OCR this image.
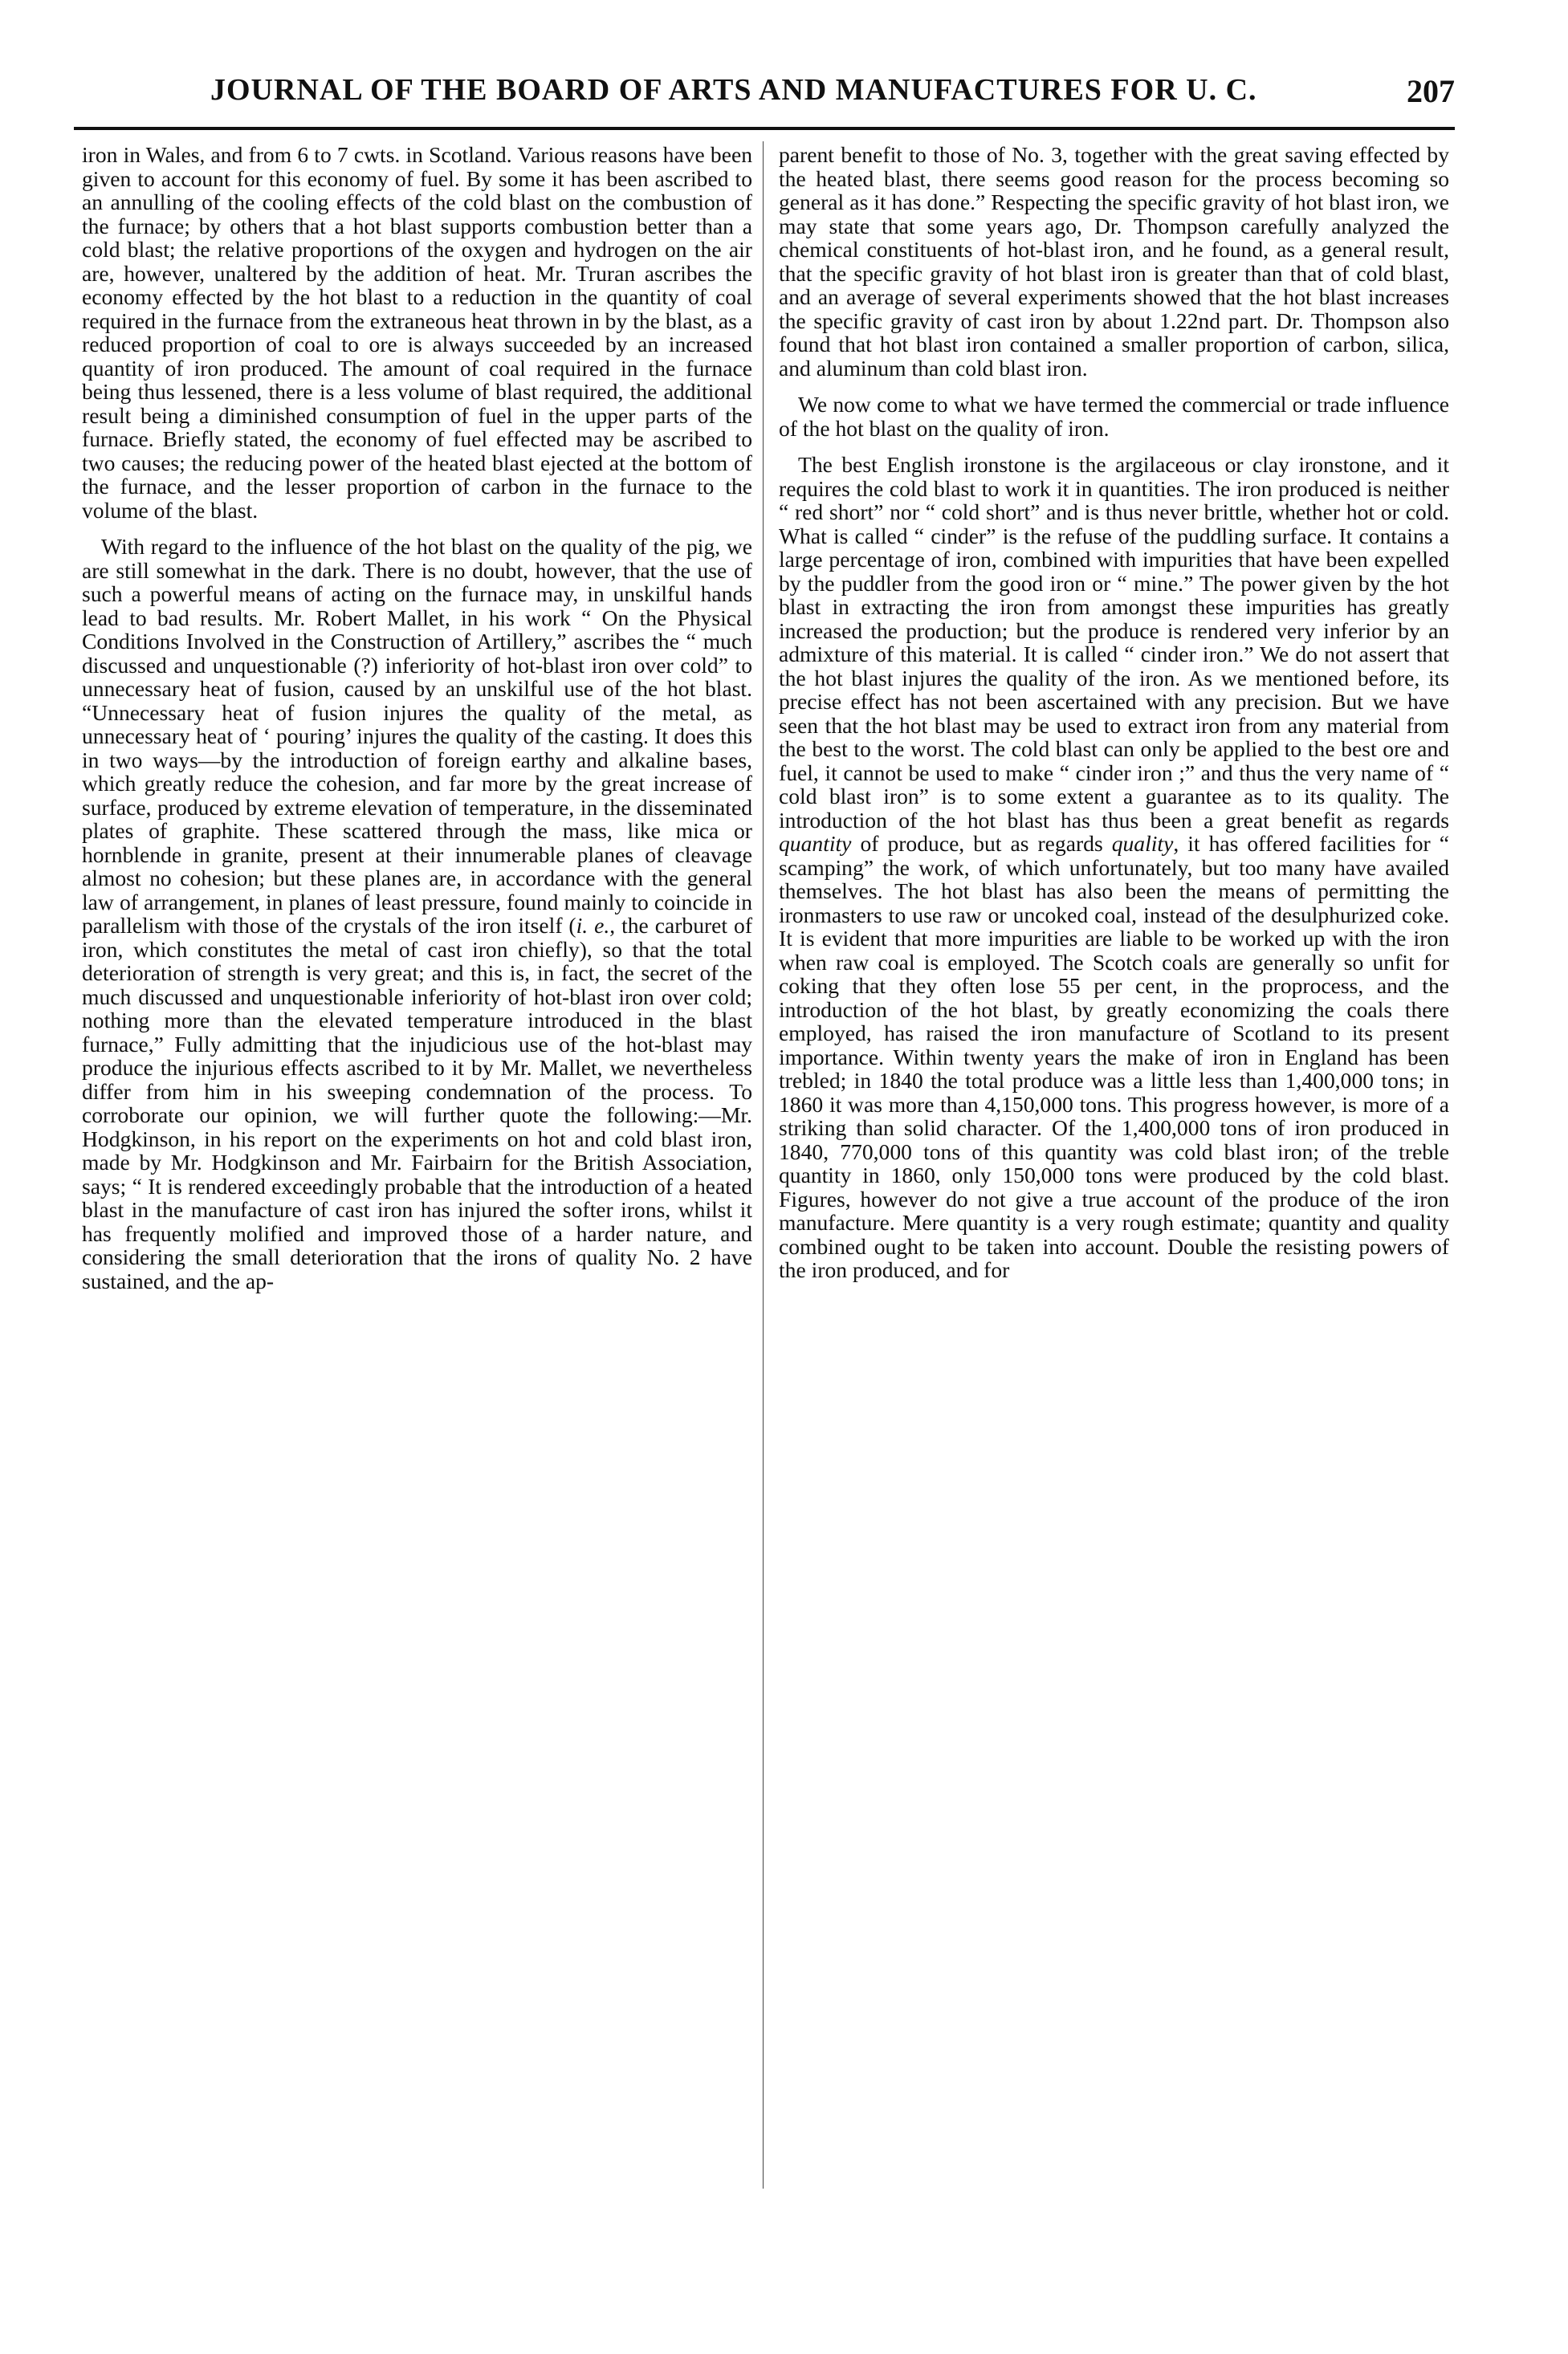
JOURNAL OF THE BOARD OF ARTS AND MANUFACTURES FOR U. C.	207

iron in Wales, and from 6 to 7 cwts. in Scotland. Various reasons have been given to account for this economy of fuel. By some it has been ascribed to an annulling of the cooling effects of the cold blast on the combustion of the furnace; by others that a hot blast supports combustion better than a cold blast; the relative proportions of the oxygen and hydrogen on the air are, however, unaltered by the addition of heat. Mr. Truran ascribes the economy effected by the hot blast to a reduction in the quantity of coal required in the furnace from the extraneous heat thrown in by the blast, as a reduced proportion of coal to ore is always succeeded by an increased quantity of iron produced. The amount of coal required in the furnace being thus lessened, there is a less volume of blast required, the additional result being a diminished consumption of fuel in the upper parts of the furnace. Briefly stated, the economy of fuel effected may be ascribed to two causes; the reducing power of the heated blast ejected at the bottom of the furnace, and the lesser proportion of carbon in the furnace to the volume of the blast.

With regard to the influence of the hot blast on the quality of the pig, we are still somewhat in the dark. There is no doubt, however, that the use of such a powerful means of acting on the furnace may, in unskilful hands lead to bad results. Mr. Robert Mallet, in his work “ On the Physical Conditions Involved in the Construction of Artillery,” ascribes the “ much discussed and unquestionable (?) inferiority of hot-blast iron over cold” to unnecessary heat of fusion, caused by an unskilful use of the hot blast. “Unnecessary heat of fusion injures the quality of the metal, as unnecessary heat of ‘ pouring’ injures the quality of the casting. It does this in two ways—by the introduction of foreign earthy and alkaline bases, which greatly reduce the cohesion, and far more by the great increase of surface, produced by extreme elevation of temperature, in the disseminated plates of graphite. These scattered through the mass, like mica or hornblende in granite, present at their innumerable planes of cleavage almost no cohesion; but these planes are, in accordance with the general law of arrangement, in planes of least pressure, found mainly to coincide in parallelism with those of the crystals of the iron itself (i. e., the carburet of iron, which constitutes the metal of cast iron chiefly), so that the total deterioration of strength is very great; and this is, in fact, the secret of the much discussed and unquestionable inferiority of hot-blast iron over cold; nothing more than the elevated temperature introduced in the blast furnace,” Fully admitting that the injudicious use of the hot-blast may produce the injurious effects ascribed to it by Mr. Mallet, we nevertheless differ from him in his sweeping condemnation of the process. To corroborate our opinion, we will further quote the following:—Mr. Hodgkinson, in his report on the experiments on hot and cold blast iron, made by Mr. Hodgkinson and Mr. Fairbairn for the British Association, says; “ It is rendered exceedingly probable that the introduction of a heated blast in the manufacture of cast iron has injured the softer irons, whilst it has frequently molified and improved those of a harder nature, and considering the small deterioration that the irons of quality No. 2 have sustained, and the ap-

parent benefit to those of No. 3, together with the great saving effected by the heated blast, there seems good reason for the process becoming so general as it has done.” Respecting the specific gravity of hot blast iron, we may state that some years ago, Dr. Thompson carefully analyzed the chemical constituents of hot-blast iron, and he found, as a general result, that the specific gravity of hot blast iron is greater than that of cold blast, and an average of several experiments showed that the hot blast increases the specific gravity of cast iron by about 1.22nd part. Dr. Thompson also found that hot blast iron contained a smaller proportion of carbon, silica, and aluminum than cold blast iron.

We now come to what we have termed the commercial or trade influence of the hot blast on the quality of iron.

The best English ironstone is the argilaceous or clay ironstone, and it requires the cold blast to work it in quantities. The iron produced is neither “ red short” nor “ cold short” and is thus never brittle, whether hot or cold. What is called “ cinder” is the refuse of the puddling surface. It contains a large percentage of iron, combined with impurities that have been expelled by the puddler from the good iron or “ mine.” The power given by the hot blast in extracting the iron from amongst these impurities has greatly increased the production; but the produce is rendered very inferior by an admixture of this material. It is called “ cinder iron.” We do not assert that the hot blast injures the quality of the iron. As we mentioned before, its precise effect has not been ascertained with any precision. But we have seen that the hot blast may be used to extract iron from any material from the best to the worst. The cold blast can only be applied to the best ore and fuel, it cannot be used to make “ cinder iron ;” and thus the very name of “ cold blast iron” is to some extent a guarantee as to its quality. The introduction of the hot blast has thus been a great benefit as regards quantity of produce, but as regards quality, it has offered facilities for “ scamping” the work, of which unfortunately, but too many have availed themselves. The hot blast has also been the means of permitting the ironmasters to use raw or uncoked coal, instead of the desulphurized coke. It is evident that more impurities are liable to be worked up with the iron when raw coal is employed. The Scotch coals are generally so unfit for coking that they often lose 55 per cent, in the proprocess, and the introduction of the hot blast, by greatly economizing the coals there employed, has raised the iron manufacture of Scotland to its present importance. Within twenty years the make of iron in England has been trebled; in 1840 the total produce was a little less than 1,400,000 tons; in 1860 it was more than 4,150,000 tons. This progress however, is more of a striking than solid character. Of the 1,400,000 tons of iron produced in 1840, 770,000 tons of this quantity was cold blast iron; of the treble quantity in 1860, only 150,000 tons were produced by the cold blast. Figures, however do not give a true account of the produce of the iron manufacture. Mere quantity is a very rough estimate; quantity and quality combined ought to be taken into account. Double the resisting powers of the iron produced, and for
